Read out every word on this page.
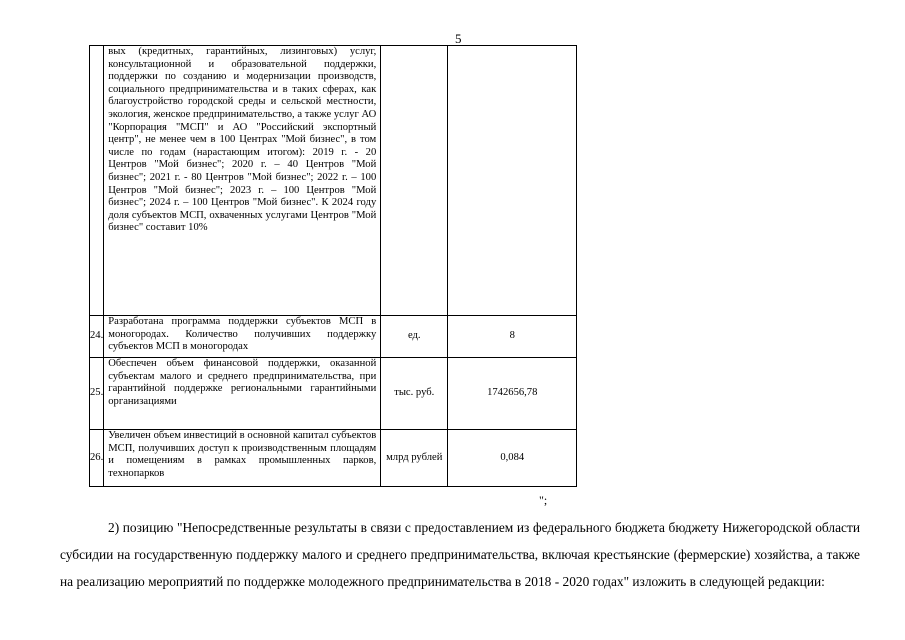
5

	вых (кредитных, гарантийных, лизинговых) услуг, консультационной и образовательной поддержки, поддержки по созданию и модернизации производств, социального предпринимательства и в таких сферах, как благоустройство городской среды и сельской местности, экология, женское предпринимательство, а также услуг АО "Корпорация "МСП" и АО "Российский экспортный центр", не менее чем в 100 Центрах "Мой бизнес", в том числе по годам (нарастающим итогом): 2019 г. - 20 Центров "Мой бизнес"; 2020 г. – 40 Центров "Мой бизнес"; 2021 г. - 80 Центров "Мой бизнес"; 2022 г. – 100 Центров "Мой бизнес"; 2023 г. – 100 Центров "Мой бизнес"; 2024 г. – 100 Центров "Мой бизнес". К 2024 году доля субъектов МСП, охваченных услугами Центров "Мой бизнес" составит 10%		

24.	Разработана программа поддержки субъектов МСП в моногородах. Количество получивших поддержку субъектов МСП в моногородах	ед.	8
25.	Обеспечен объем финансовой поддержки, оказанной субъектам малого и среднего предпринимательства, при гарантийной поддержке региональными гарантийными организациями	тыс. руб.	1742656,78
26.	Увеличен объем инвестиций в основной капитал субъектов МСП, получивших доступ к производственным площадям и помещениям в рамках промышленных парков, технопарков	млрд рублей	0,084
";
2) позицию "Непосредственные результаты в связи с предоставлением из федерального бюджета бюджету Нижегородской области субсидии на государственную поддержку малого и среднего предпринимательства, включая крестьянские (фермерские) хозяйства, а также на реализацию мероприятий по поддержке молодежного предпринимательства в 2018 - 2020 годах" изложить в следующей редакции:
